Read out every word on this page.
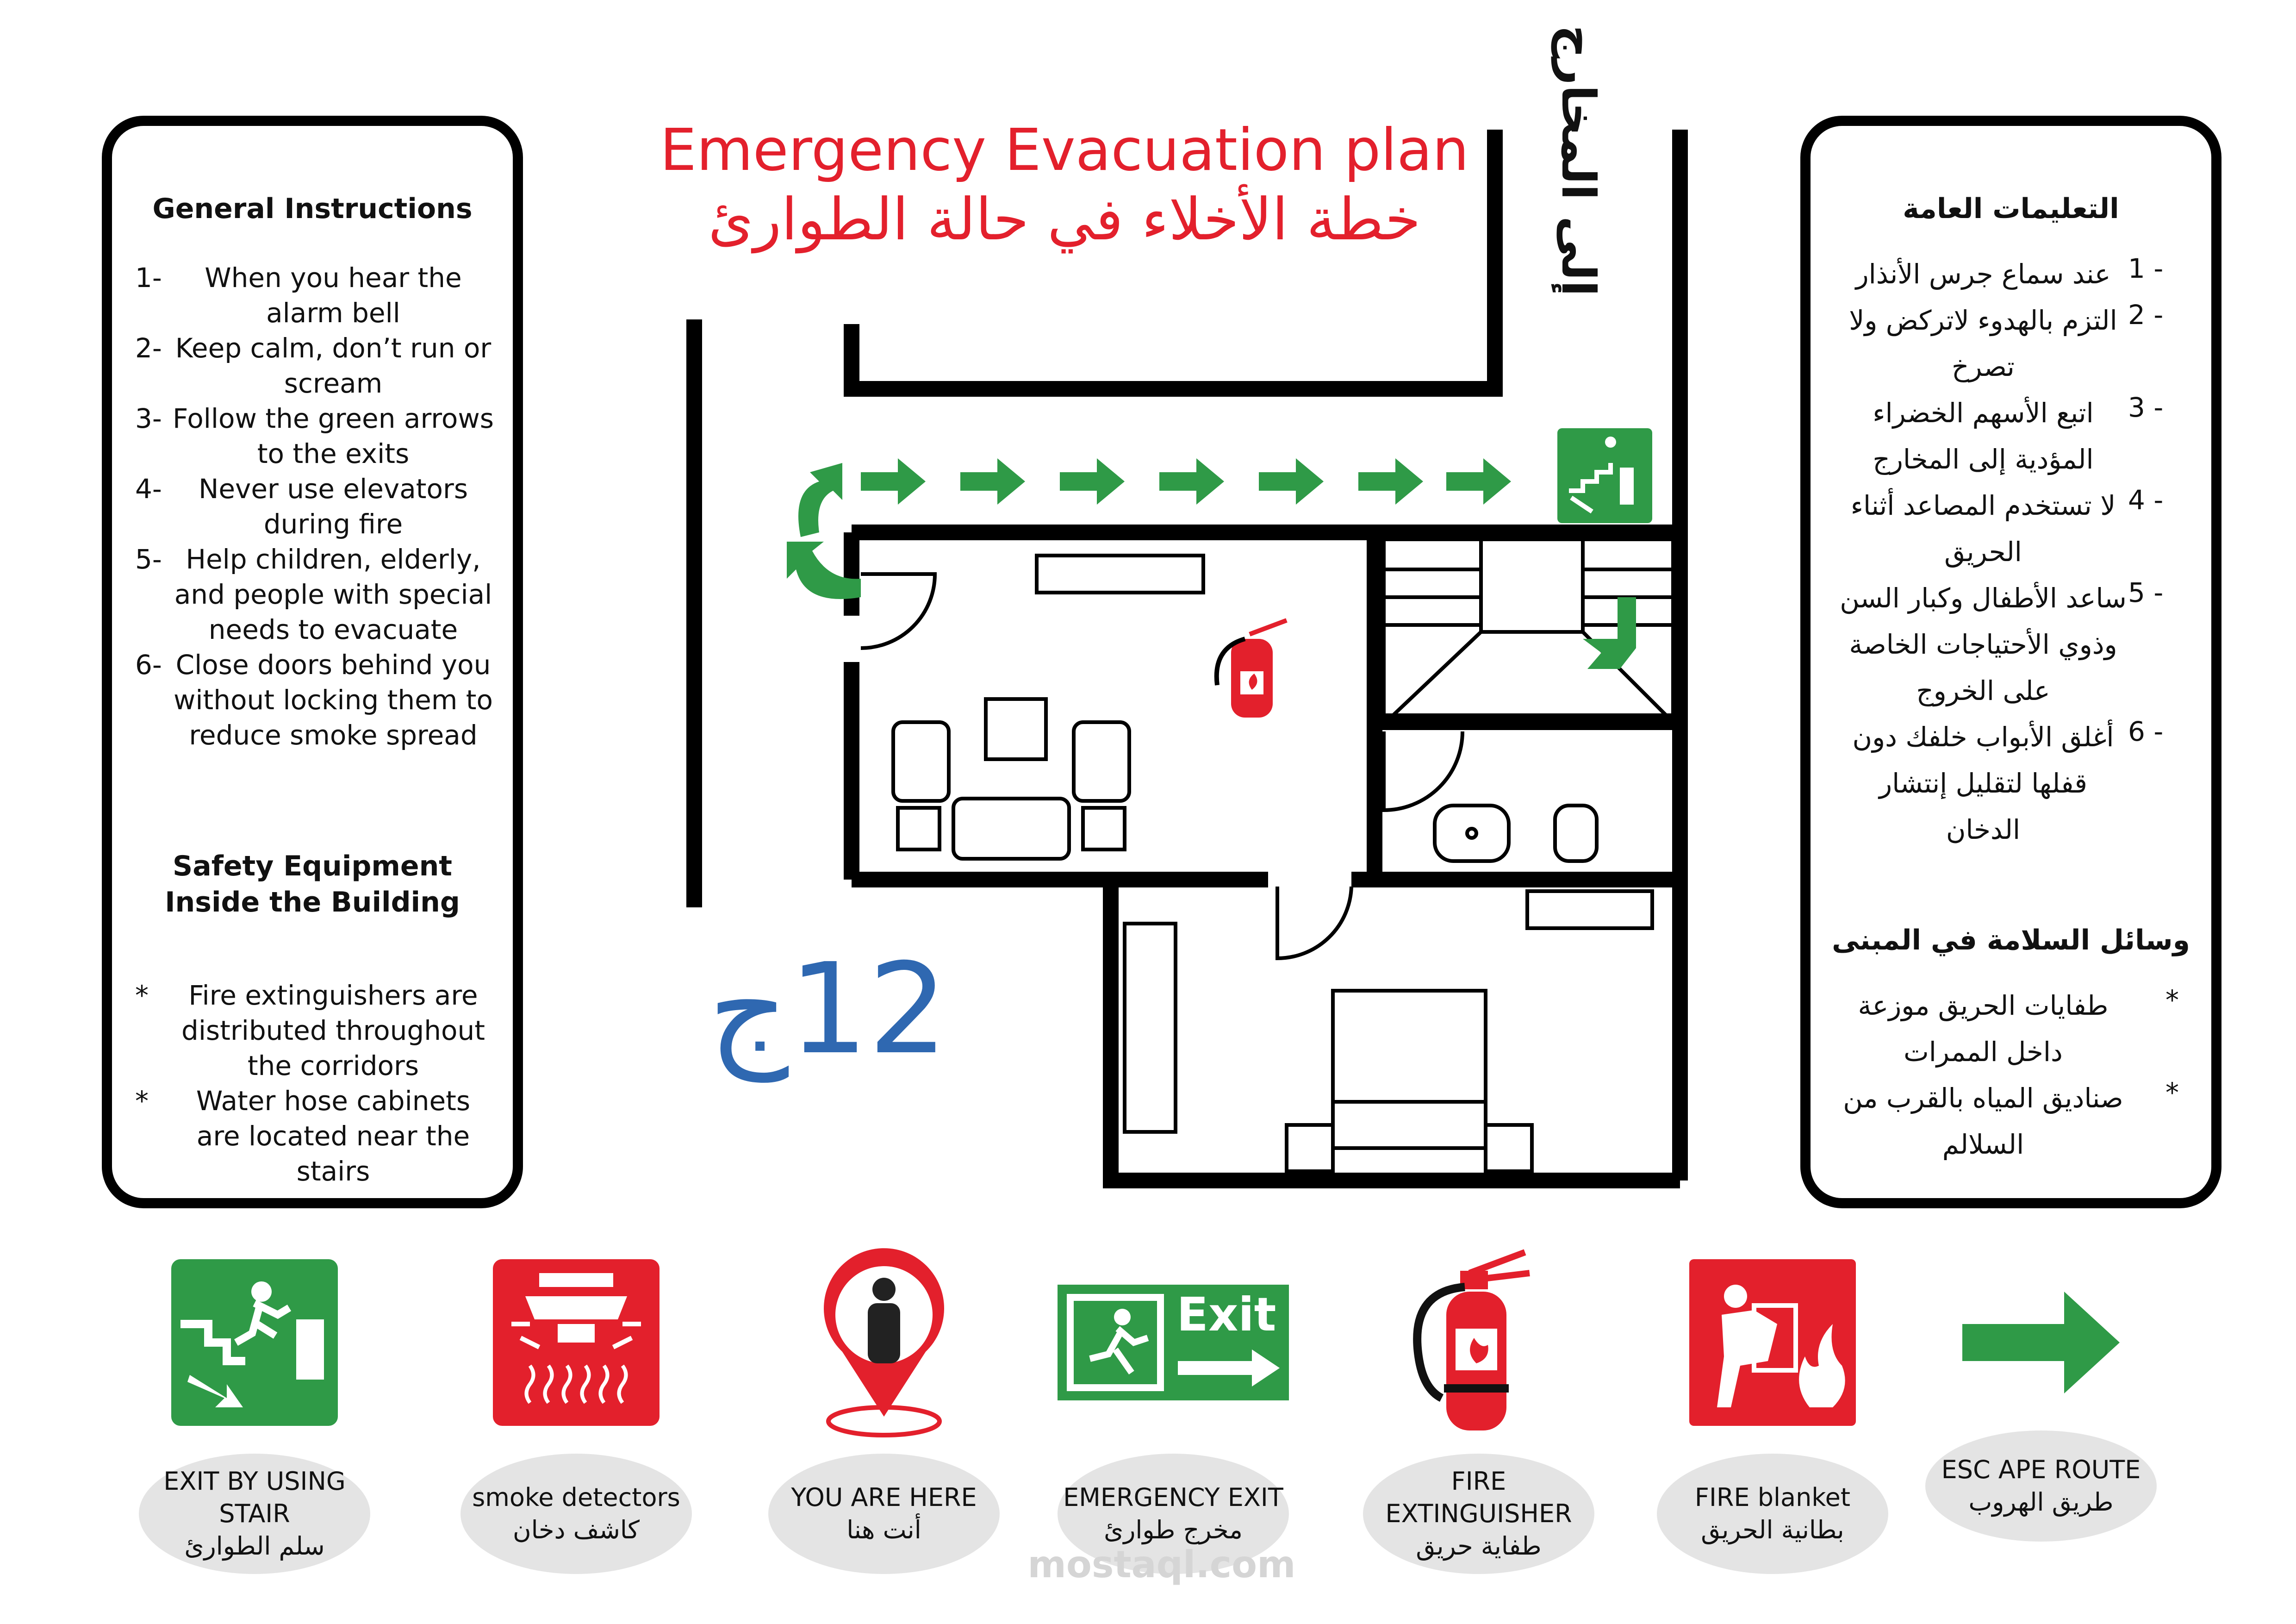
Emergency Evacuation plan
خطة الأخلاء في حالة الطوارئ
General Instructions
1-	When you hear the alarm bell
2- Keep calm, don’t run or scream
3- Follow the green arrows to the exits
4-	Never use elevators during fire
5- Help children, elderly, and people with special needs to evacuate
6- Close doors behind you without locking them to reduce smoke spread
Safety Equipment Inside the Building
*	Fire extinguishers are distributed throughout the corridors
*	Water hose cabinets are located near the stairs
التعليمات العامة
1 -
عند سماع جرس الأنذار
2 -
التزم بالهدوء لاتركض ولا تصرخ
3 -
اتبع الأسهم الخضراء المؤدية إلى المخارج
4 -
لا تستخدم المصاعد أثناء الحريق
5 -
ساعد الأطفال وكبار السن وذوي الأحتياجات الخاصة على الخروج
6 -
أغلق الأبواب خلفك دون قفلها لتقليل إنتشار الدخان
وسائل السلامة في المبنى
*
طفايات الحريق موزعة داخل الممرات
*
صناديق المياه بالقرب من السلالم
12ج
إلى المخارج
EXIT BY USING STAIR
سلم الطوارئ
smoke detectors
كاشف دخان
YOU ARE HERE
أنت هنا
Exit
EMERGENCY EXIT
مخرج طوارئ
FIRE EXTINGUISHER
طفاية حريق
FIRE blanket
بطانية الحريق
ESC APE ROUTE
طريق الهروب
mostaql.com
